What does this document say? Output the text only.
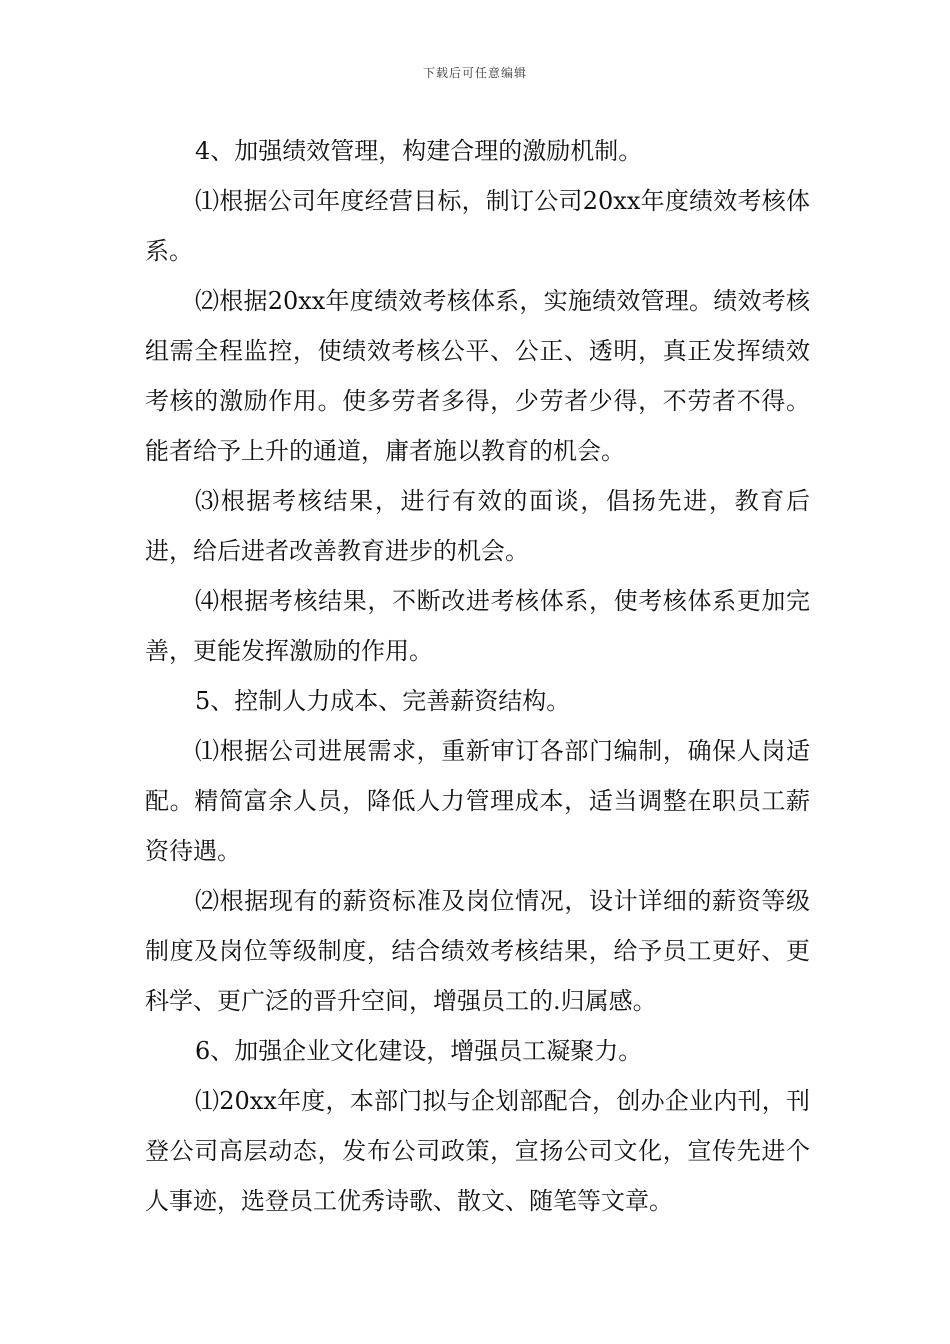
下载后可任意编辑

4、加强绩效管理，构建合理的激励机制。

⑴根据公司年度经营目标，制订公司20xx年度绩效考核体系。

⑵根据20xx年度绩效考核体系，实施绩效管理。绩效考核组需全程监控，使绩效考核公平、公正、透明，真正发挥绩效考核的激励作用。使多劳者多得，少劳者少得，不劳者不得。能者给予上升的通道，庸者施以教育的机会。

⑶根据考核结果，进行有效的面谈，倡扬先进，教育后进，给后进者改善教育进步的机会。

⑷根据考核结果，不断改进考核体系，使考核体系更加完善，更能发挥激励的作用。

5、控制人力成本、完善薪资结构。

⑴根据公司进展需求，重新审订各部门编制，确保人岗适配。精简富余人员，降低人力管理成本，适当调整在职员工薪资待遇。

⑵根据现有的薪资标准及岗位情况，设计详细的薪资等级制度及岗位等级制度，结合绩效考核结果，给予员工更好、更科学、更广泛的晋升空间，增强员工的.归属感。

6、加强企业文化建设，增强员工凝聚力。

⑴20xx年度，本部门拟与企划部配合，创办企业内刊，刊登公司高层动态，发布公司政策，宣扬公司文化，宣传先进个人事迹，选登员工优秀诗歌、散文、随笔等文章。
